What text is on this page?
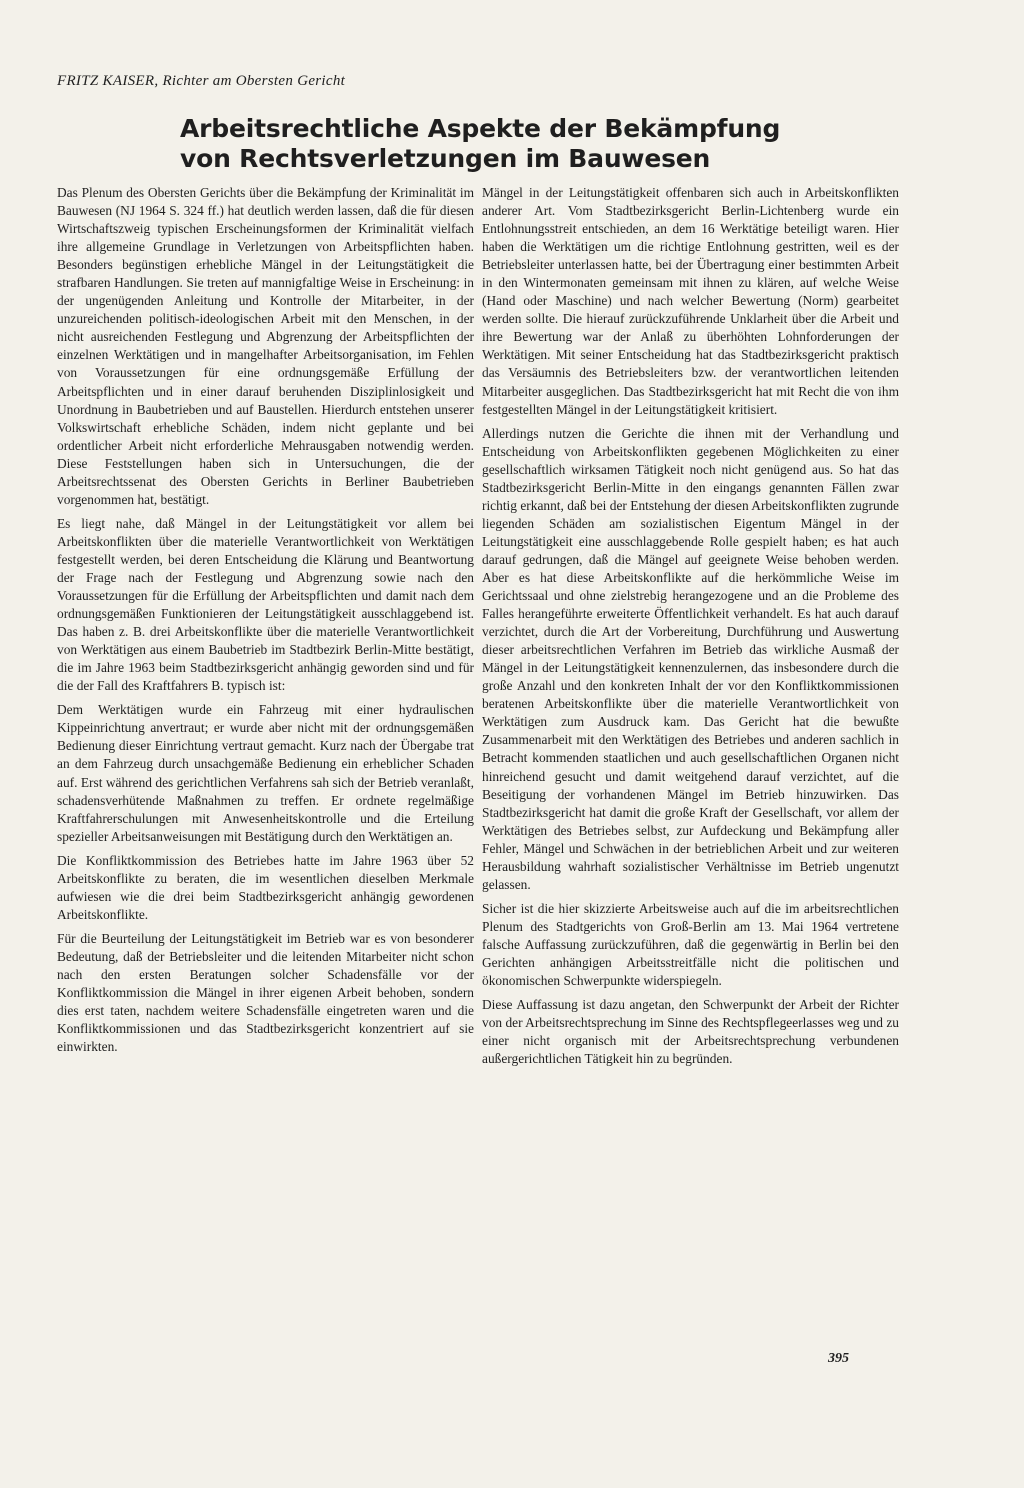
FRITZ KAISER, Richter am Obersten Gericht
Arbeitsrechtliche Aspekte der Bekämpfung
von Rechtsverletzungen im Bauwesen

Das Plenum des Obersten Gerichts über die Bekämpfung der Kriminalität im Bauwesen (NJ 1964 S. 324 ff.) hat deutlich werden lassen, daß die für diesen Wirtschaftszweig typischen Erscheinungsformen der Kriminalität vielfach ihre allgemeine Grundlage in Verletzungen von Arbeitspflichten haben. Besonders begünstigen erhebliche Mängel in der Leitungstätigkeit die strafbaren Handlungen. Sie treten auf mannigfaltige Weise in Erscheinung: in der ungenügenden Anleitung und Kontrolle der Mitarbeiter, in der unzureichenden politisch-ideologischen Arbeit mit den Menschen, in der nicht ausreichenden Festlegung und Abgrenzung der Arbeitspflichten der einzelnen Werktätigen und in mangelhafter Arbeitsorganisation, im Fehlen von Voraussetzungen für eine ordnungsgemäße Erfüllung der Arbeitspflichten und in einer darauf beruhenden Disziplinlosigkeit und Unordnung in Baubetrieben und auf Baustellen. Hierdurch entstehen unserer Volkswirtschaft erhebliche Schäden, indem nicht geplante und bei ordentlicher Arbeit nicht erforderliche Mehrausgaben notwendig werden. Diese Feststellungen haben sich in Untersuchungen, die der Arbeitsrechtssenat des Obersten Gerichts in Berliner Baubetrieben vorgenommen hat, bestätigt.

Es liegt nahe, daß Mängel in der Leitungstätigkeit vor allem bei Arbeitskonflikten über die materielle Verantwortlichkeit von Werktätigen festgestellt werden, bei deren Entscheidung die Klärung und Beantwortung der Frage nach der Festlegung und Abgrenzung sowie nach den Voraussetzungen für die Erfüllung der Arbeitspflichten und damit nach dem ordnungsgemäßen Funktionieren der Leitungstätigkeit ausschlaggebend ist. Das haben z. B. drei Arbeitskonflikte über die materielle Verantwortlichkeit von Werktätigen aus einem Baubetrieb im Stadtbezirk Berlin-Mitte bestätigt, die im Jahre 1963 beim Stadtbezirksgericht anhängig geworden sind und für die der Fall des Kraftfahrers B. typisch ist:

Dem Werktätigen wurde ein Fahrzeug mit einer hydraulischen Kippeinrichtung anvertraut; er wurde aber nicht mit der ordnungsgemäßen Bedienung dieser Einrichtung vertraut gemacht. Kurz nach der Übergabe trat an dem Fahrzeug durch unsachgemäße Bedienung ein erheblicher Schaden auf. Erst während des gerichtlichen Verfahrens sah sich der Betrieb veranlaßt, schadensverhütende Maßnahmen zu treffen. Er ordnete regelmäßige Kraftfahrerschulungen mit Anwesenheitskontrolle und die Erteilung spezieller Arbeitsanweisungen mit Bestätigung durch den Werktätigen an.

Die Konfliktkommission des Betriebes hatte im Jahre 1963 über 52 Arbeitskonflikte zu beraten, die im wesentlichen dieselben Merkmale aufwiesen wie die drei beim Stadtbezirksgericht anhängig gewordenen Arbeitskonflikte.

Für die Beurteilung der Leitungstätigkeit im Betrieb war es von besonderer Bedeutung, daß der Betriebsleiter und die leitenden Mitarbeiter nicht schon nach den ersten Beratungen solcher Schadensfälle vor der Konfliktkommission die Mängel in ihrer eigenen Arbeit behoben, sondern dies erst taten, nachdem weitere Schadensfälle eingetreten waren und die Konfliktkommissionen und das Stadtbezirksgericht konzentriert auf sie einwirkten.

Mängel in der Leitungstätigkeit offenbaren sich auch in Arbeitskonflikten anderer Art. Vom Stadtbezirksgericht Berlin-Lichtenberg wurde ein Entlohnungsstreit entschieden, an dem 16 Werktätige beteiligt waren. Hier haben die Werktätigen um die richtige Entlohnung gestritten, weil es der Betriebsleiter unterlassen hatte, bei der Übertragung einer bestimmten Arbeit in den Wintermonaten gemeinsam mit ihnen zu klären, auf welche Weise (Hand oder Maschine) und nach welcher Bewertung (Norm) gearbeitet werden sollte. Die hierauf zurückzuführende Unklarheit über die Arbeit und ihre Bewertung war der Anlaß zu überhöhten Lohnforderungen der Werktätigen. Mit seiner Entscheidung hat das Stadtbezirksgericht praktisch das Versäumnis des Betriebsleiters bzw. der verantwortlichen leitenden Mitarbeiter ausgeglichen. Das Stadtbezirksgericht hat mit Recht die von ihm festgestellten Mängel in der Leitungstätigkeit kritisiert.

Allerdings nutzen die Gerichte die ihnen mit der Verhandlung und Entscheidung von Arbeitskonflikten gegebenen Möglichkeiten zu einer gesellschaftlich wirksamen Tätigkeit noch nicht genügend aus. So hat das Stadtbezirksgericht Berlin-Mitte in den eingangs genannten Fällen zwar richtig erkannt, daß bei der Entstehung der diesen Arbeitskonflikten zugrunde liegenden Schäden am sozialistischen Eigentum Mängel in der Leitungstätigkeit eine ausschlaggebende Rolle gespielt haben; es hat auch darauf gedrungen, daß die Mängel auf geeignete Weise behoben werden. Aber es hat diese Arbeitskonflikte auf die herkömmliche Weise im Gerichtssaal und ohne zielstrebig herangezogene und an die Probleme des Falles herangeführte erweiterte Öffentlichkeit verhandelt. Es hat auch darauf verzichtet, durch die Art der Vorbereitung, Durchführung und Auswertung dieser arbeitsrechtlichen Verfahren im Betrieb das wirkliche Ausmaß der Mängel in der Leitungstätigkeit kennenzulernen, das insbesondere durch die große Anzahl und den konkreten Inhalt der vor den Konfliktkommissionen beratenen Arbeitskonflikte über die materielle Verantwortlichkeit von Werktätigen zum Ausdruck kam. Das Gericht hat die bewußte Zusammenarbeit mit den Werktätigen des Betriebes und anderen sachlich in Betracht kommenden staatlichen und auch gesellschaftlichen Organen nicht hinreichend gesucht und damit weitgehend darauf verzichtet, auf die Beseitigung der vorhandenen Mängel im Betrieb hinzuwirken. Das Stadtbezirksgericht hat damit die große Kraft der Gesellschaft, vor allem der Werktätigen des Betriebes selbst, zur Aufdeckung und Bekämpfung aller Fehler, Mängel und Schwächen in der betrieblichen Arbeit und zur weiteren Herausbildung wahrhaft sozialistischer Verhältnisse im Betrieb ungenutzt gelassen.

Sicher ist die hier skizzierte Arbeitsweise auch auf die im arbeitsrechtlichen Plenum des Stadtgerichts von Groß-Berlin am 13. Mai 1964 vertretene falsche Auffassung zurückzuführen, daß die gegenwärtig in Berlin bei den Gerichten anhängigen Arbeitsstreitfälle nicht die politischen und ökonomischen Schwerpunkte widerspiegeln.

Diese Auffassung ist dazu angetan, den Schwerpunkt der Arbeit der Richter von der Arbeitsrechtsprechung im Sinne des Rechtspflegeerlasses weg und zu einer nicht organisch mit der Arbeitsrechtsprechung verbundenen außergerichtlichen Tätigkeit hin zu begründen.

395
